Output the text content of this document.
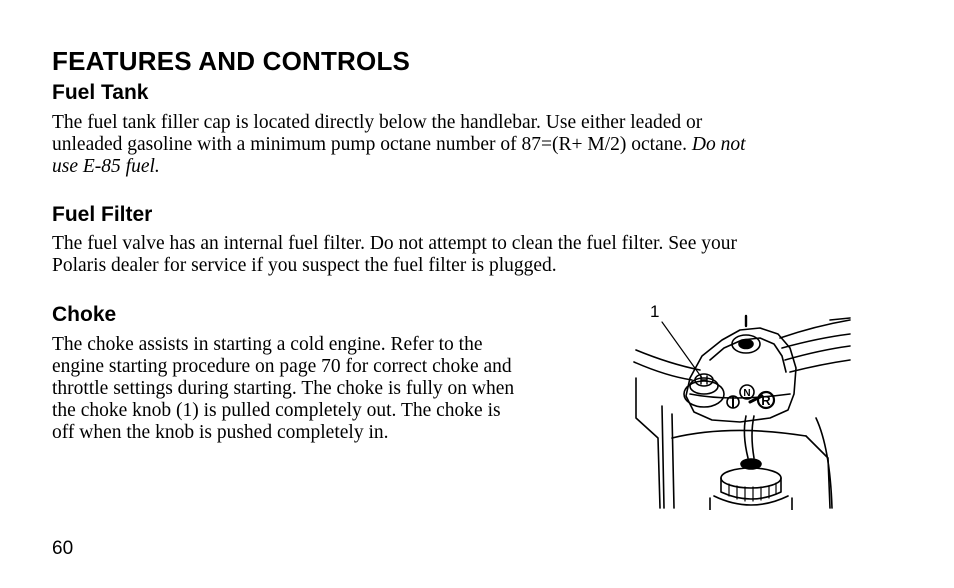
FEATURES AND CONTROLS
Fuel Tank
The fuel tank filler cap is located directly below the handlebar. Use either leaded or
unleaded gasoline with a minimum pump octane number of 87=(R+ M/2) octane. Do not
use E-85 fuel.
Fuel Filter
The fuel valve has an internal fuel filter. Do not attempt to clean the fuel filter. See your
Polaris dealer for service if you suspect the fuel filter is plugged.
Choke
The choke assists in starting a cold engine. Refer to the
engine starting procedure on page 70 for correct choke and
throttle settings during starting. The choke is fully on when
the choke knob (1) is pulled completely out. The choke is
off when the knob is pushed completely in.
1
N R
60
